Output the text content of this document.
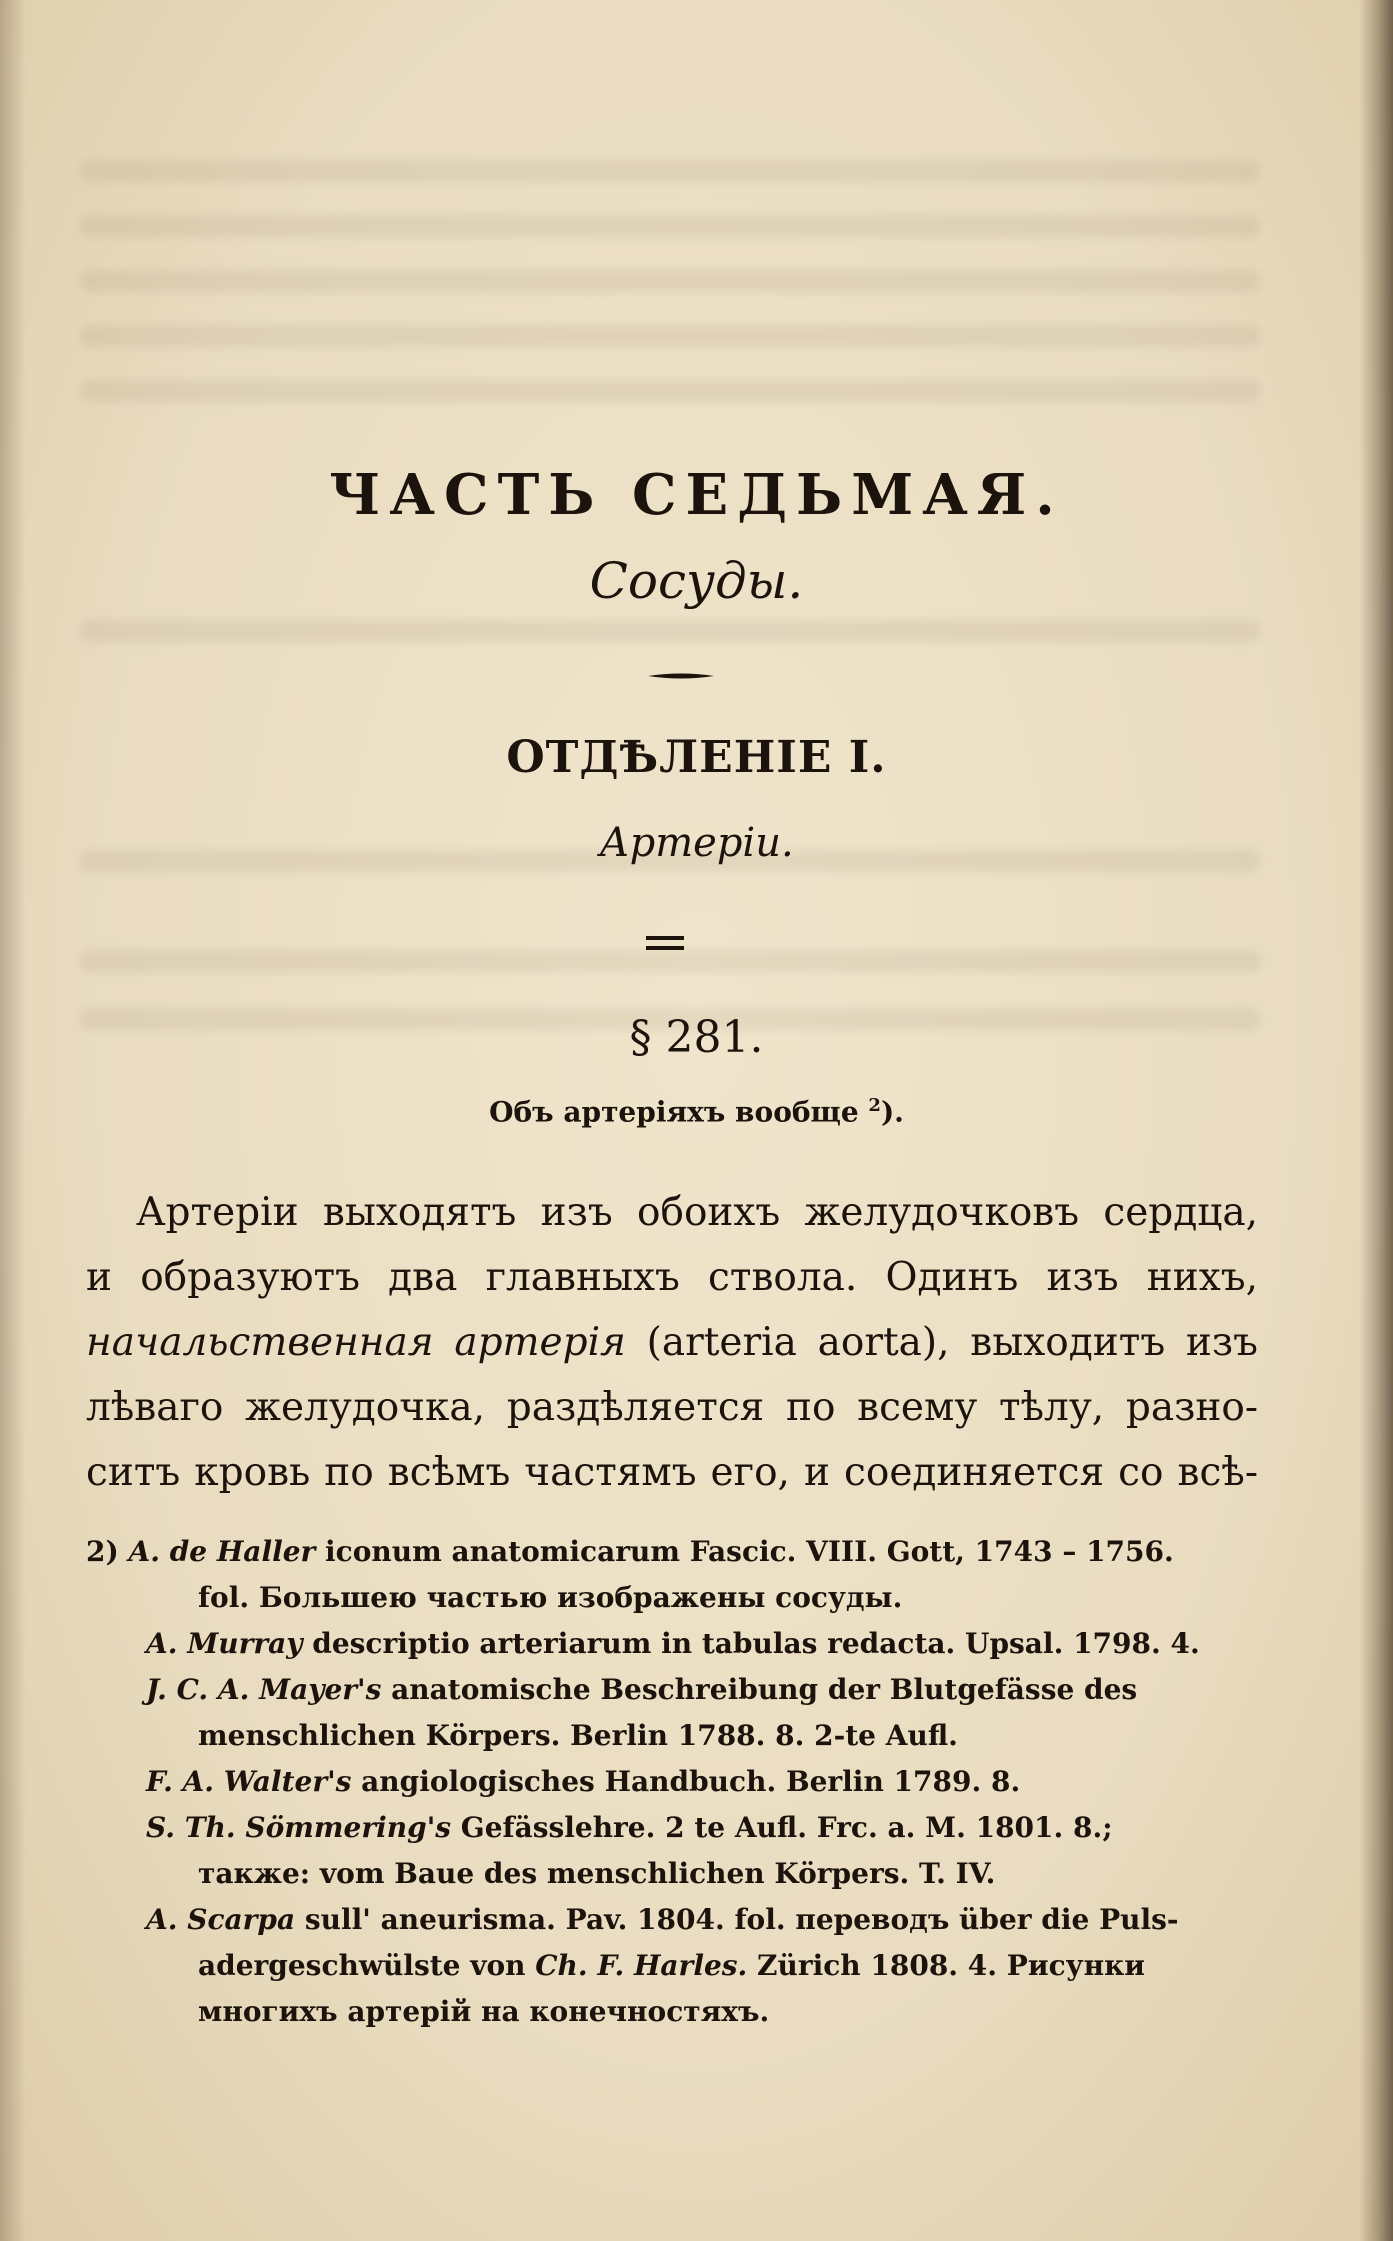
ЧАСТЬ СЕДЬМАЯ.
Сосуды.
ОТДѢЛЕНІЕ I.
Артеріи.
§ 281.
Объ артеріяхъ вообще $^2$).
Артеріи выходятъ изъ обоихъ желудочковъ сердца,
и образуютъ два главныхъ ствола. Одинъ изъ нихъ,
начальственная артерія (arteria aorta), выходитъ изъ
лѣваго желудочка, раздѣляется по всему тѣлу, разно-
ситъ кровь по всѣмъ частямъ его, и соединяется со всѣ-
2) A. de Haller iconum anatomicarum Fascic. VIII. Gott, 1743 – 1756.
fol. Большею частью изображены сосуды.
A. Murray descriptio arteriarum in tabulas redacta. Upsal. 1798. 4.
J. C. A. Mayer's anatomische Beschreibung der Blutgefässe des
menschlichen Körpers. Berlin 1788. 8. 2-te Aufl.
F. A. Walter's angiologisches Handbuch. Berlin 1789. 8.
S. Th. Sömmering's Gefässlehre. 2 te Aufl. Frc. a. M. 1801. 8.;
также: vom Baue des menschlichen Körpers. T. IV.
A. Scarpa sull' aneurisma. Pav. 1804. fol. переводъ über die Puls-
adergeschwülste von Ch. F. Harles. Zürich 1808. 4. Рисунки
многихъ артерій на конечностяхъ.
